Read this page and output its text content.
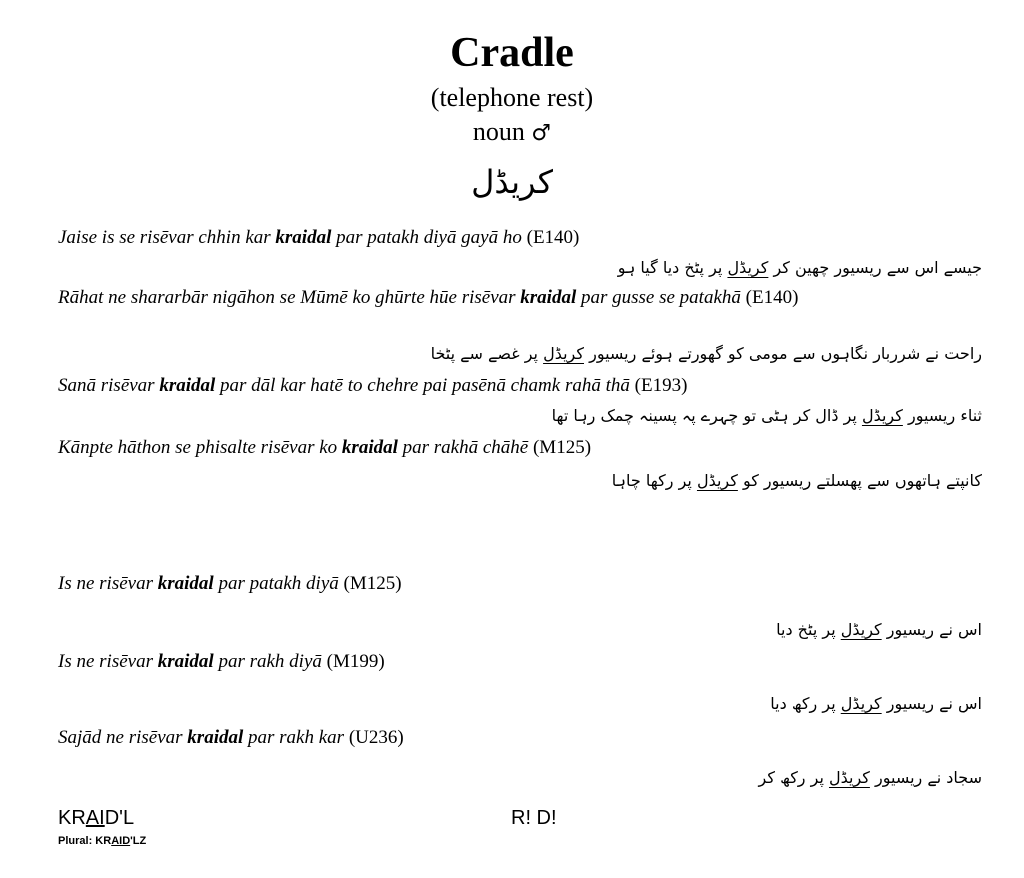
Cradle
(telephone rest)
noun ♂
کریڈل
Jaise is se risēvar chhin kar kraidal par patakh diyā gayā ho (E140)
جیسے اس سے ریسیور چھین کر کریڈل پر پٹخ دیا گیا ہو
Rāhat ne shararbār nigāhon se Mūmē ko ghūrte hūe risēvar kraidal par gusse se patakhā (E140)
راحت نے شرربار نگاہوں سے مومی کو گھورتے ہوئے ریسیور کریڈل پر غصے سے پٹخا
Sanā risēvar kraidal par dāl kar hatē to chehre pai pasēnā chamk rahā thā (E193)
ثناء ریسیور کریڈل پر ڈال کر ہٹی تو چہرے پہ پسینہ چمک رہا تھا
Kānpte hāthon se phisalte risēvar ko kraidal par rakhā chāhē (M125)
کانپتے ہاتھوں سے پھسلتے ریسیور کو کریڈل پر رکھا چاہا
Is ne risēvar kraidal par patakh diyā (M125)
اس نے ریسیور کریڈل پر پٹخ دیا
Is ne risēvar kraidal par rakh diyā (M199)
اس نے ریسیور کریڈل پر رکھ دیا
Sajād ne risēvar kraidal par rakh kar (U236)
سجاد نے ریسیور کریڈل پر رکھ کر
KRAID'L
Plural: KRAID'LZ
R! D!
